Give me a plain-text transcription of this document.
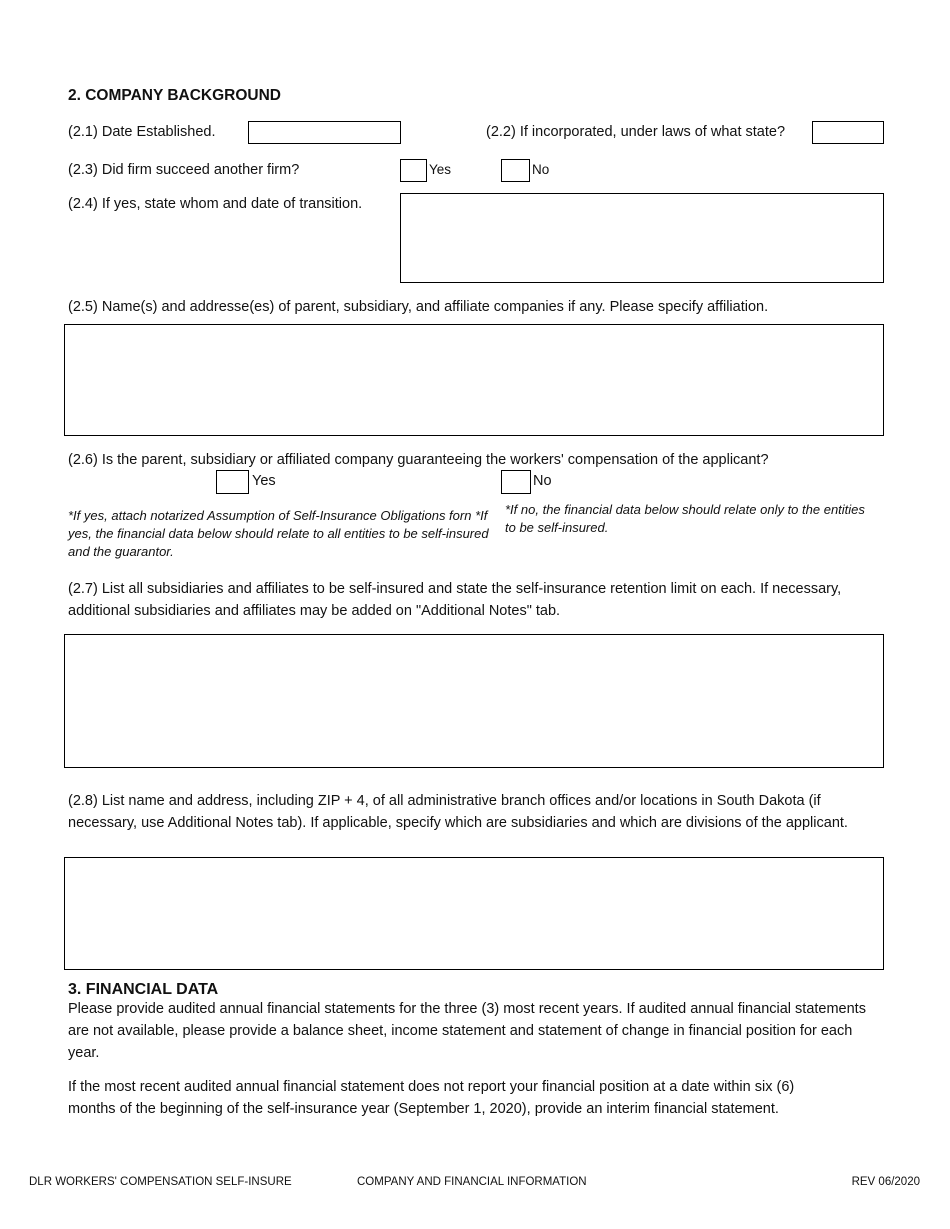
2. COMPANY BACKGROUND
(2.1) Date Established.	(2.2) If incorporated, under laws of what state?
(2.3) Did firm succeed another firm?	Yes	No
(2.4) If yes, state whom and date of transition.
(2.5) Name(s) and addresse(es) of parent, subsidiary, and affiliate companies if any. Please specify affiliation.
(2.6) Is the parent, subsidiary or affiliated company guaranteeing the workers' compensation of the applicant?
Yes	No
*If yes, attach notarized Assumption of Self-Insurance Obligations forn *If yes, the financial data below should relate to all entities to be self-insured and the guarantor.
*If no, the financial data below should relate only to the entities to be self-insured.
(2.7) List all subsidiaries and affiliates to be self-insured and state the self-insurance retention limit on each. If necessary, additional subsidiaries and affiliates may be added on "Additional Notes" tab.
(2.8) List name and address, including ZIP + 4, of all administrative branch offices and/or locations in South Dakota (if necessary, use Additional Notes tab). If applicable, specify which are subsidiaries and which are divisions of the applicant.
3. FINANCIAL DATA
Please provide audited annual financial statements for the three (3) most recent years. If audited annual financial statements are not available, please provide a balance sheet, income statement and statement of change in financial position for each year.
If the most recent audited annual financial statement does not report your financial position at a date within six (6) months of the beginning of the self-insurance year (September 1, 2020), provide an interim financial statement.
DLR WORKERS' COMPENSATION SELF-INSURE	COMPANY AND FINANCIAL INFORMATION	REV 06/2020
